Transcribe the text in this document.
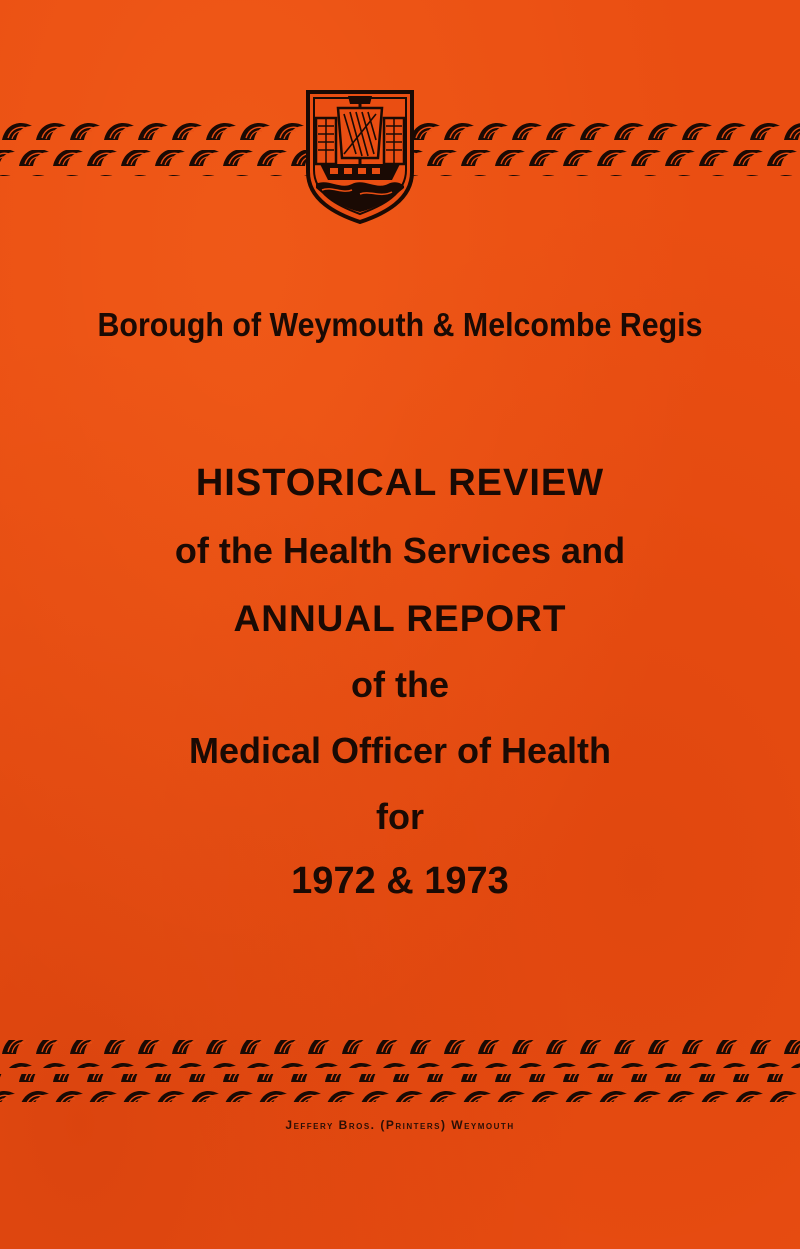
Borough of Weymouth & Melcombe Regis
HISTORICAL REVIEW
of the Health Services and
ANNUAL REPORT
of the
Medical Officer of Health
for
1972 & 1973
Jeffery Bros. (Printers) Weymouth
